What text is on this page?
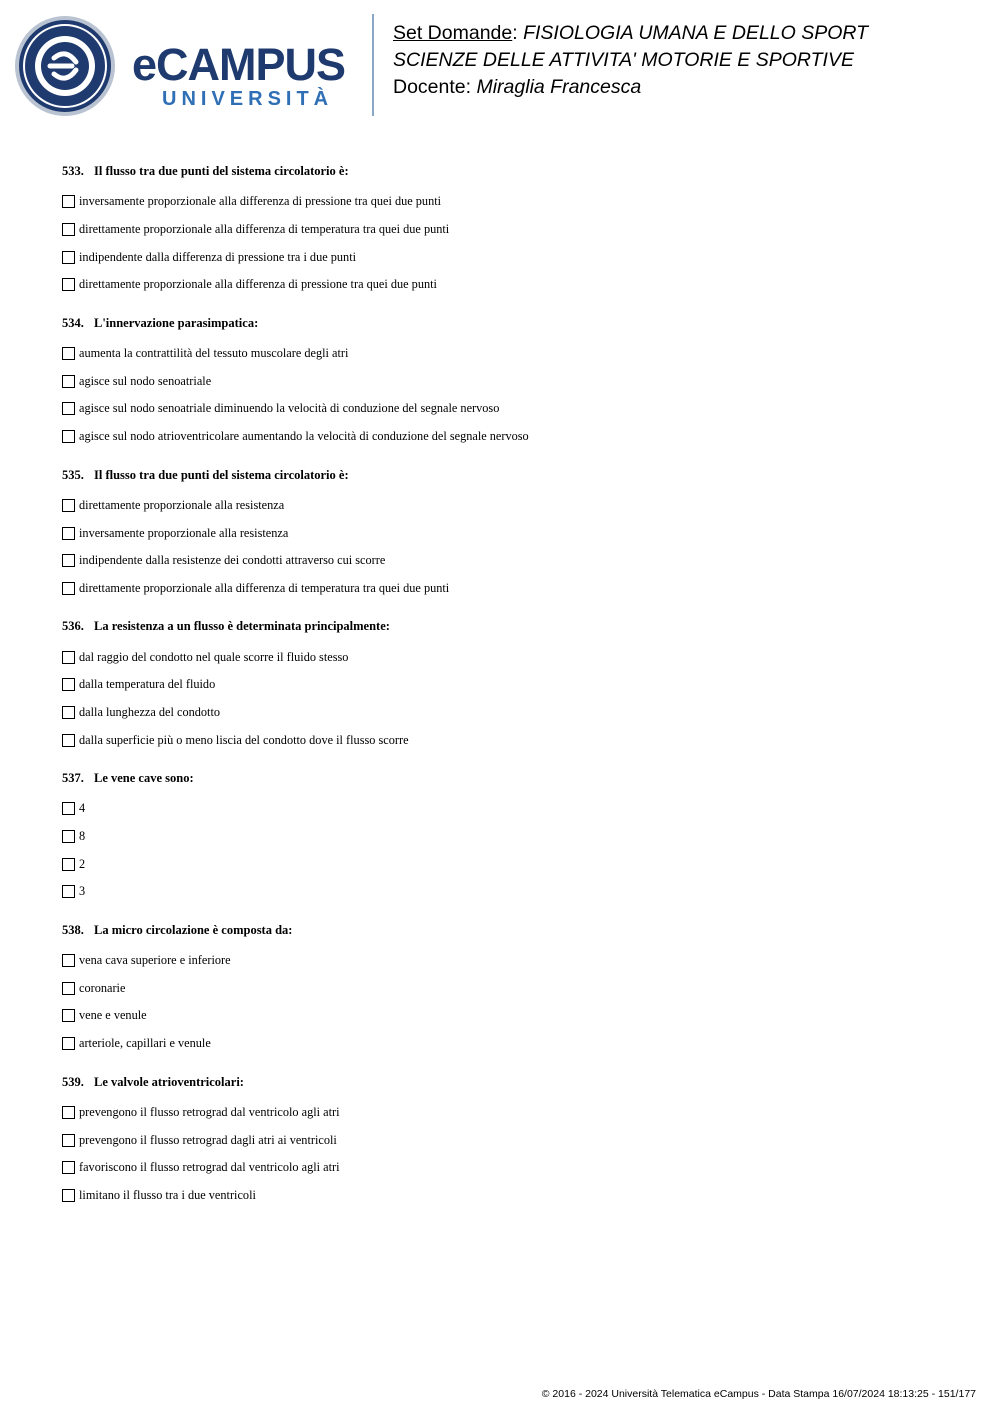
eCAMPUS
UNIVERSITÀ
Set Domande: FISIOLOGIA UMANA E DELLO SPORT
SCIENZE DELLE ATTIVITA' MOTORIE E SPORTIVE
Docente: Miraglia Francesca
533. Il flusso tra due punti del sistema circolatorio è:
inversamente proporzionale alla differenza di pressione tra quei due punti
direttamente proporzionale alla differenza di temperatura tra quei due punti
indipendente dalla differenza di pressione tra i due punti
direttamente proporzionale alla differenza di pressione tra quei due punti
534. L'innervazione parasimpatica:
aumenta la contrattilità del tessuto muscolare degli atri
agisce sul nodo senoatriale
agisce sul nodo senoatriale diminuendo la velocità di conduzione del segnale nervoso
agisce sul nodo atrioventricolare aumentando la velocità di conduzione del segnale nervoso
535. Il flusso tra due punti del sistema circolatorio è:
direttamente proporzionale alla resistenza
inversamente proporzionale alla resistenza
indipendente dalla resistenze dei condotti attraverso cui scorre
direttamente proporzionale alla differenza di temperatura tra quei due punti
536. La resistenza a un flusso è determinata principalmente:
dal raggio del condotto nel quale scorre il fluido stesso
dalla temperatura del fluido
dalla lunghezza del condotto
dalla superficie più o meno liscia del condotto dove il flusso scorre
537. Le vene cave sono:
4
8
2
3
538. La micro circolazione è composta da:
vena cava superiore e inferiore
coronarie
vene e venule
arteriole, capillari e venule
539. Le valvole atrioventricolari:
prevengono il flusso retrograd dal ventricolo agli atri
prevengono il flusso retrograd dagli atri ai ventricoli
favoriscono il flusso retrograd dal ventricolo agli atri
limitano il flusso tra i due ventricoli
© 2016 - 2024 Università Telematica eCampus - Data Stampa 16/07/2024 18:13:25 - 151/177
